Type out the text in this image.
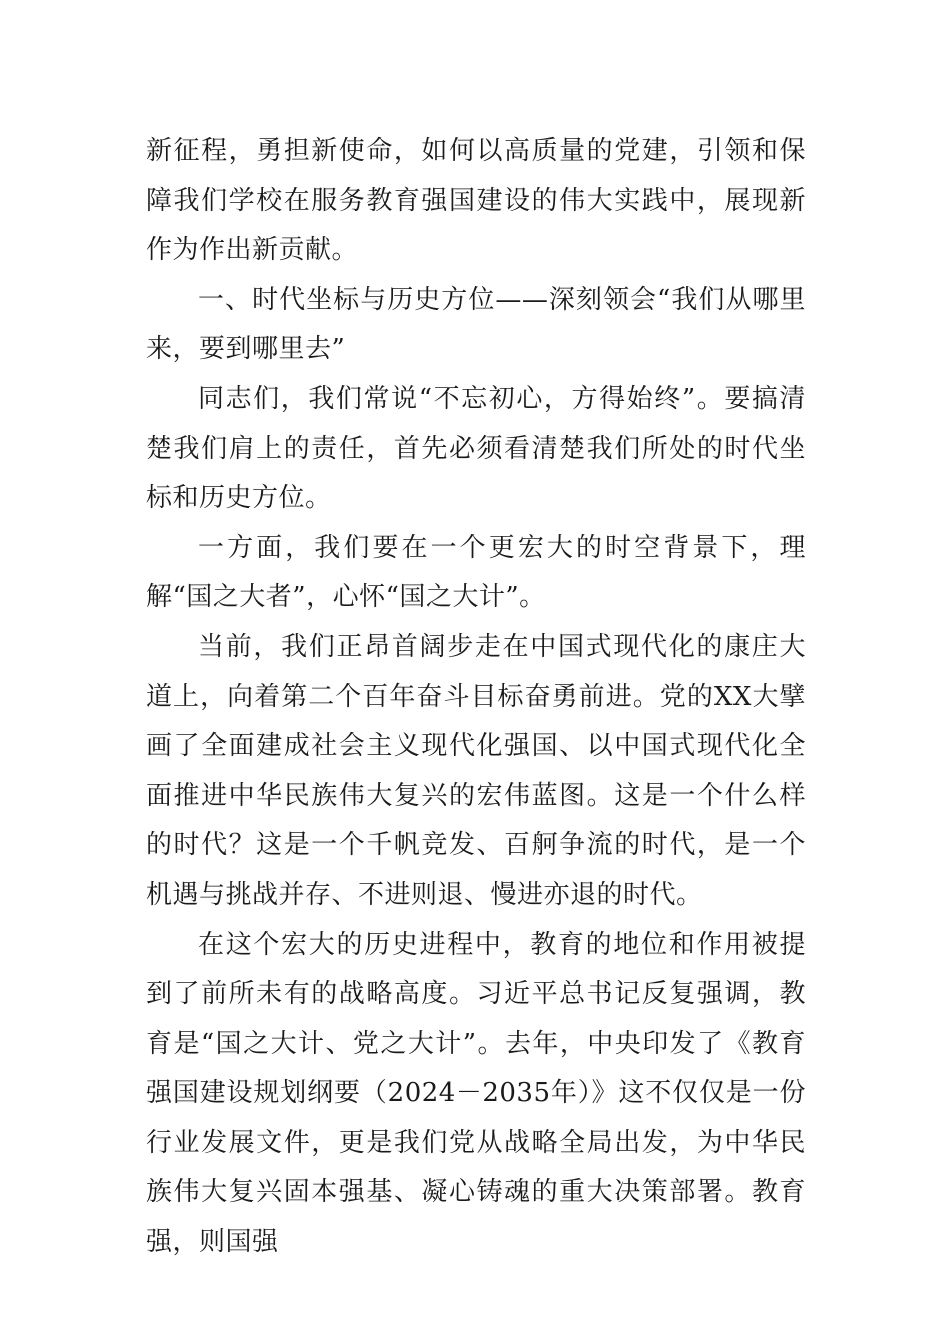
新征程，勇担新使命，如何以高质量的党建，引领和保障我们学校在服务教育强国建设的伟大实践中，展现新作为作出新贡献。

一、时代坐标与历史方位——深刻领会“我们从哪里来，要到哪里去”

同志们，我们常说“不忘初心，方得始终”。要搞清楚我们肩上的责任，首先必须看清楚我们所处的时代坐标和历史方位。

一方面，我们要在一个更宏大的时空背景下，理解“国之大者”，心怀“国之大计”。

当前，我们正昂首阔步走在中国式现代化的康庄大道上，向着第二个百年奋斗目标奋勇前进。党的XX大擘画了全面建成社会主义现代化强国、以中国式现代化全面推进中华民族伟大复兴的宏伟蓝图。这是一个什么样的时代？这是一个千帆竞发、百舸争流的时代，是一个机遇与挑战并存、不进则退、慢进亦退的时代。

在这个宏大的历史进程中，教育的地位和作用被提到了前所未有的战略高度。习近平总书记反复强调，教育是“国之大计、党之大计”。去年，中央印发了《教育强国建设规划纲要（2024－2035年）》这不仅仅是一份行业发展文件，更是我们党从战略全局出发，为中华民族伟大复兴固本强基、凝心铸魂的重大决策部署。教育强，则国强
